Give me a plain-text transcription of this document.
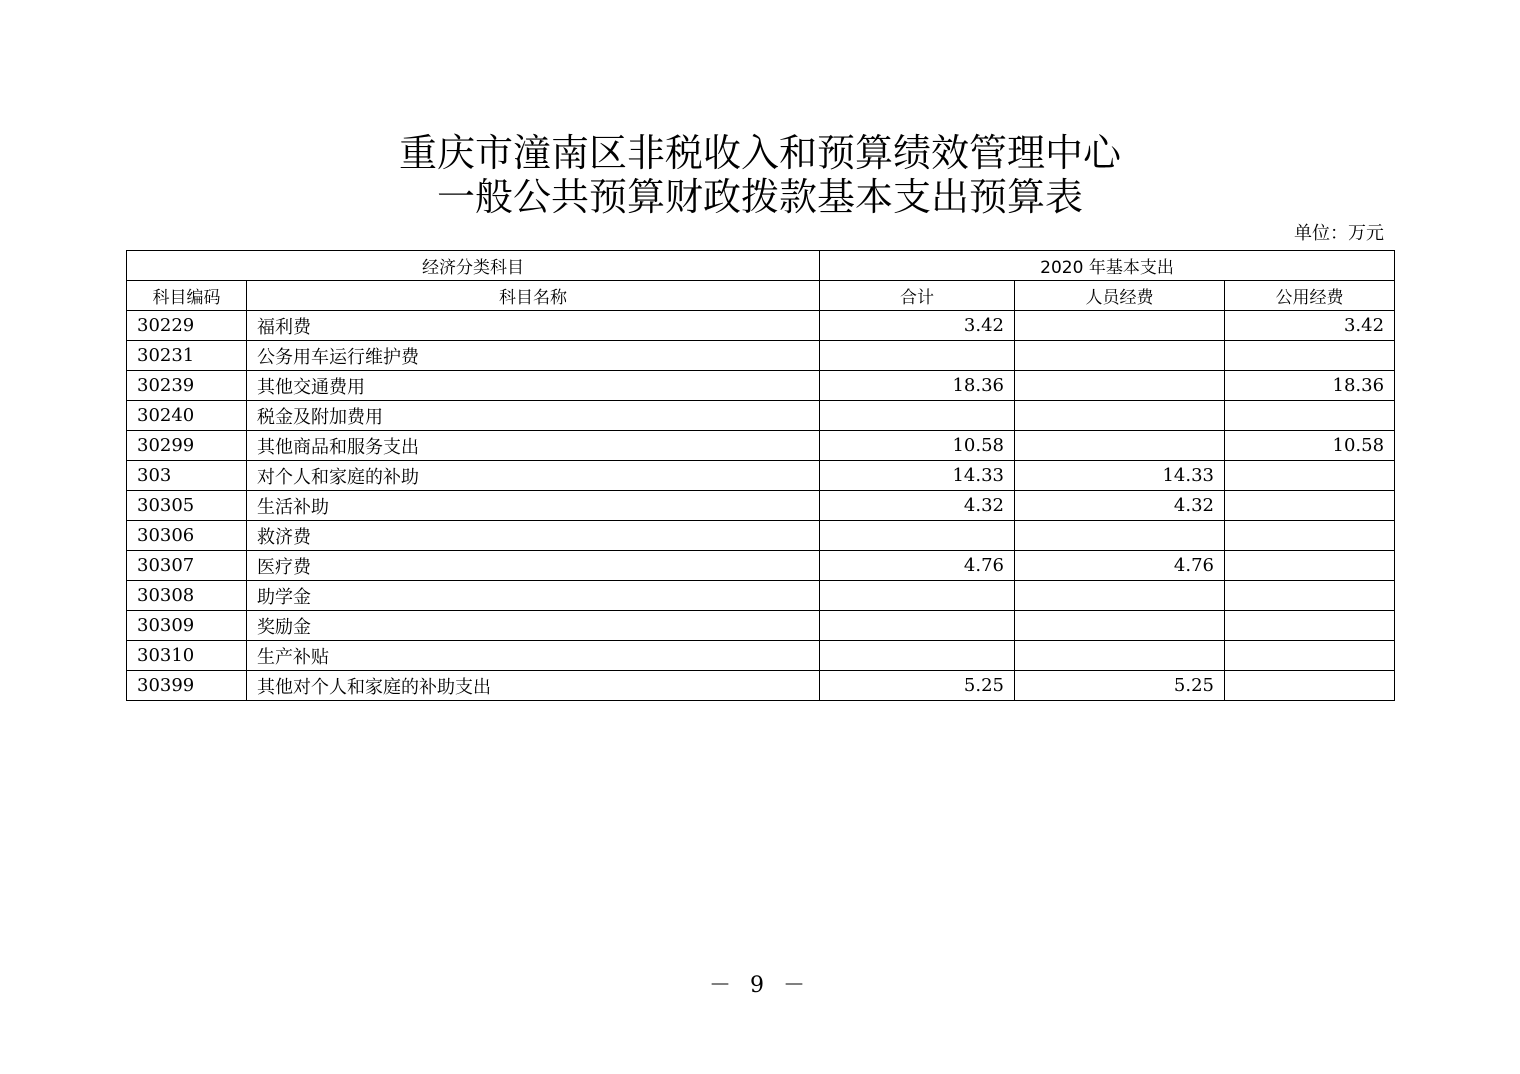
重庆市潼南区非税收入和预算绩效管理中心
一般公共预算财政拨款基本支出预算表
单位：万元
经济分类科目		2020 年基本支出		
科目编码	科目名称	合计	人员经费	公用经费
30229	福利费	3.42		3.42
30231	公务用车运行维护费			
30239	其他交通费用	18.36		18.36
30240	税金及附加费用			
30299	其他商品和服务支出	10.58		10.58
303	对个人和家庭的补助	14.33	14.33	
30305	生活补助	4.32	4.32	
30306	救济费			
30307	医疗费	4.76	4.76	
30308	助学金			
30309	奖励金			
30310	生产补贴			
30399	其他对个人和家庭的补助支出	5.25	5.25	
－ 9 －
